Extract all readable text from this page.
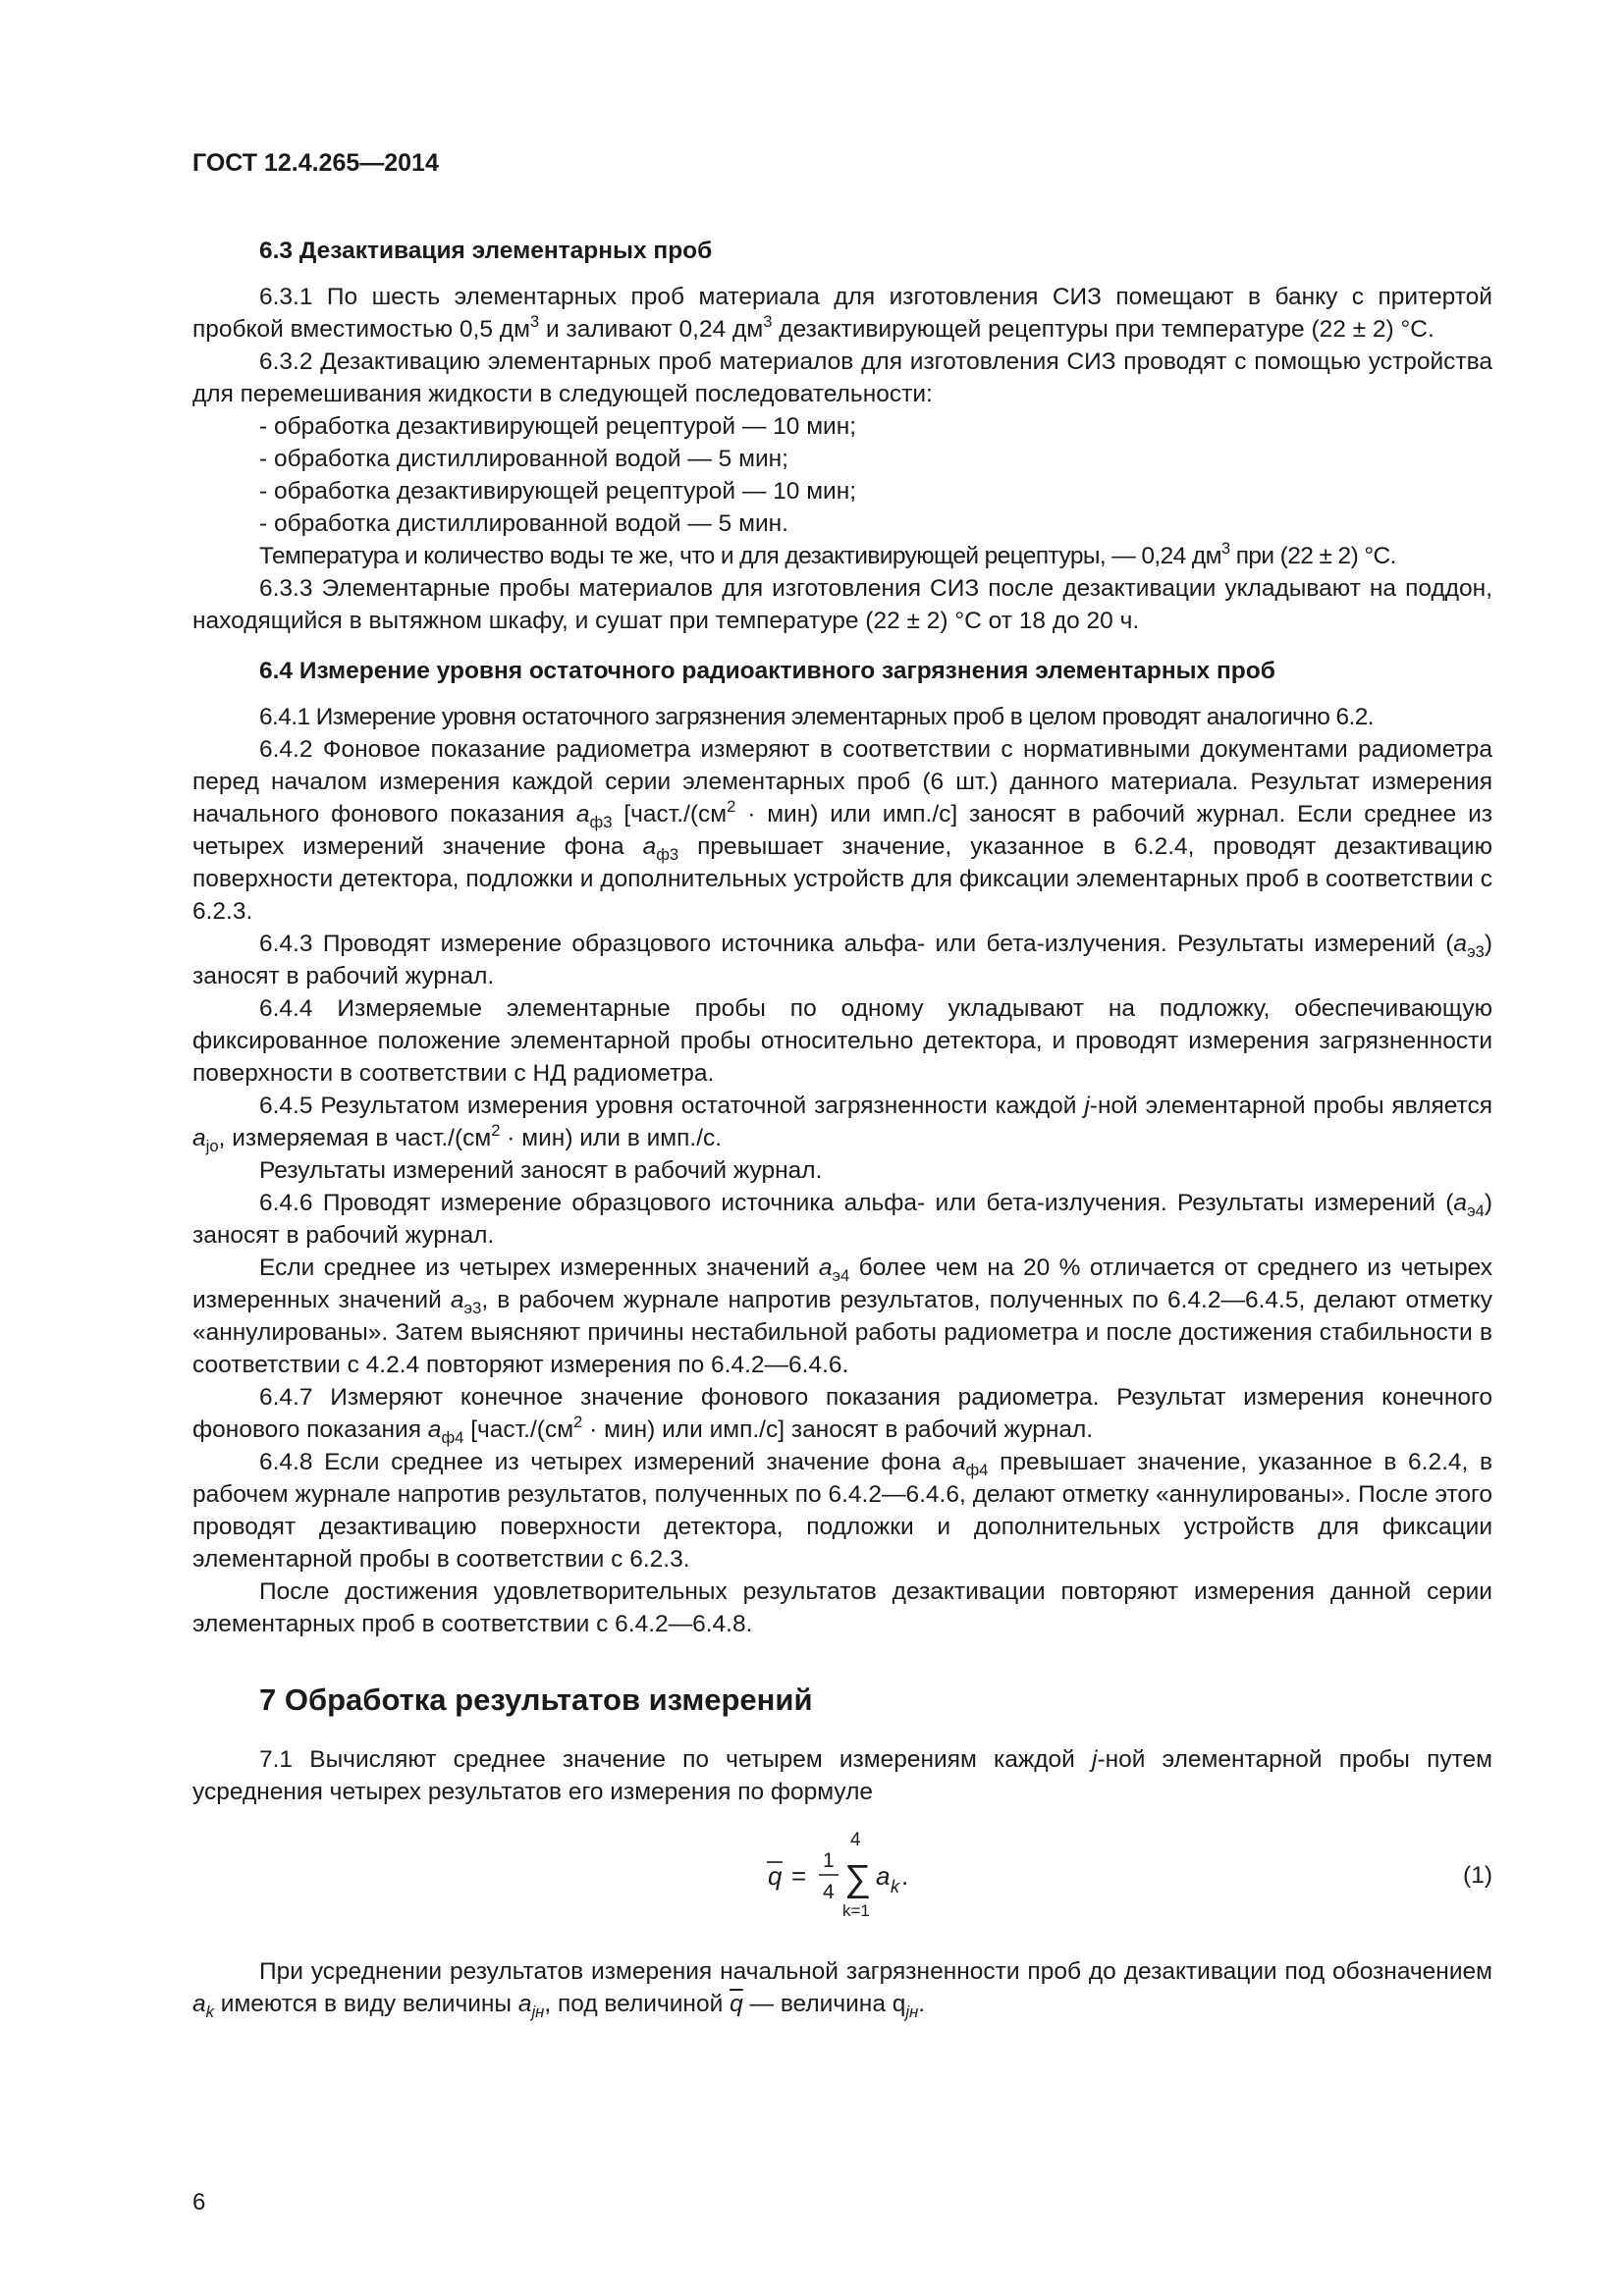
ГОСТ 12.4.265—2014
6.3 Дезактивация элементарных проб

6.3.1 По шесть элементарных проб материала для изготовления СИЗ помещают в банку с притертой пробкой вместимостью 0,5 $дм^3$ и заливают 0,24 $дм^3$ дезактивирующей рецептуры при температуре (22 ± 2) °С.

6.3.2 Дезактивацию элементарных проб материалов для изготовления СИЗ проводят с помощью устройства для перемешивания жидкости в следующей последовательности:

- обработка дезактивирующей рецептурой — 10 мин;

- обработка дистиллированной водой — 5 мин;

- обработка дезактивирующей рецептурой — 10 мин;

- обработка дистиллированной водой — 5 мин.

Температура и количество воды те же, что и для дезактивирующей рецептуры, — 0,24 $дм^3$ при (22 ± 2) °С.

6.3.3 Элементарные пробы материалов для изготовления СИЗ после дезактивации укладывают на поддон, находящийся в вытяжном шкафу, и сушат при температуре (22 ± 2) °С от 18 до 20 ч.

6.4 Измерение уровня остаточного радиоактивного загрязнения элементарных проб

6.4.1 Измерение уровня остаточного загрязнения элементарных проб в целом проводят аналогично 6.2.

6.4.2 Фоновое показание радиометра измеряют в соответствии с нормативными документами радиометра перед началом измерения каждой серии элементарных проб (6 шт.) данного материала. Результат измерения начального фонового показания $a_{ф3}$ [$част./(см^2 \cdot мин)$ или имп./с] заносят в рабочий журнал. Если среднее из четырех измерений значение фона $a_{ф3}$ превышает значение, указанное в 6.2.4, проводят дезактивацию поверхности детектора, подложки и дополнительных устройств для фиксации элементарных проб в соответствии с 6.2.3.

6.4.3 Проводят измерение образцового источника альфа- или бета-излучения. Результаты измерений $(a_{э3})$ заносят в рабочий журнал.

6.4.4 Измеряемые элементарные пробы по одному укладывают на подложку, обеспечивающую фиксированное положение элементарной пробы относительно детектора, и проводят измерения загрязненности поверхности в соответствии с НД радиометра.

6.4.5 Результатом измерения уровня остаточной загрязненности каждой j-ной элементарной пробы является $a_{jo}$, измеряемая в $част./(см^2 \cdot мин)$ или в имп./с.

Результаты измерений заносят в рабочий журнал.

6.4.6 Проводят измерение образцового источника альфа- или бета-излучения. Результаты измерений $(a_{э4})$ заносят в рабочий журнал.

Если среднее из четырех измеренных значений $a_{э4}$ более чем на 20 % отличается от среднего из четырех измеренных значений $a_{э3}$, в рабочем журнале напротив результатов, полученных по 6.4.2—6.4.5, делают отметку «аннулированы». Затем выясняют причины нестабильной работы радиометра и после достижения стабильности в соответствии с 4.2.4 повторяют измерения по 6.4.2—6.4.6.

6.4.7 Измеряют конечное значение фонового показания радиометра. Результат измерения конечного фонового показания $a_{ф4}$ [$част./(см^2 \cdot мин)$ или имп./с] заносят в рабочий журнал.

6.4.8 Если среднее из четырех измерений значение фона $a_{ф4}$ превышает значение, указанное в 6.2.4, в рабочем журнале напротив результатов, полученных по 6.4.2—6.4.6, делают отметку «аннулированы». После этого проводят дезактивацию поверхности детектора, подложки и дополнительных устройств для фиксации элементарной пробы в соответствии с 6.2.3.

После достижения удовлетворительных результатов дезактивации повторяют измерения данной серии элементарных проб в соответствии с 6.4.2—6.4.8.

7 Обработка результатов измерений

7.1 Вычисляют среднее значение по четырем измерениям каждой j-ной элементарной пробы путем усреднения четырех результатов его измерения по формуле

q =
1
4
4
∑
k=1
a k .	(1)

При усреднении результатов измерения начальной загрязненности проб до дезактивации под обозначением $a_k$ имеются в виду величины $a_{jн}$, под величиной $\overline{q}$ — величина $q_{jн}$.

6
